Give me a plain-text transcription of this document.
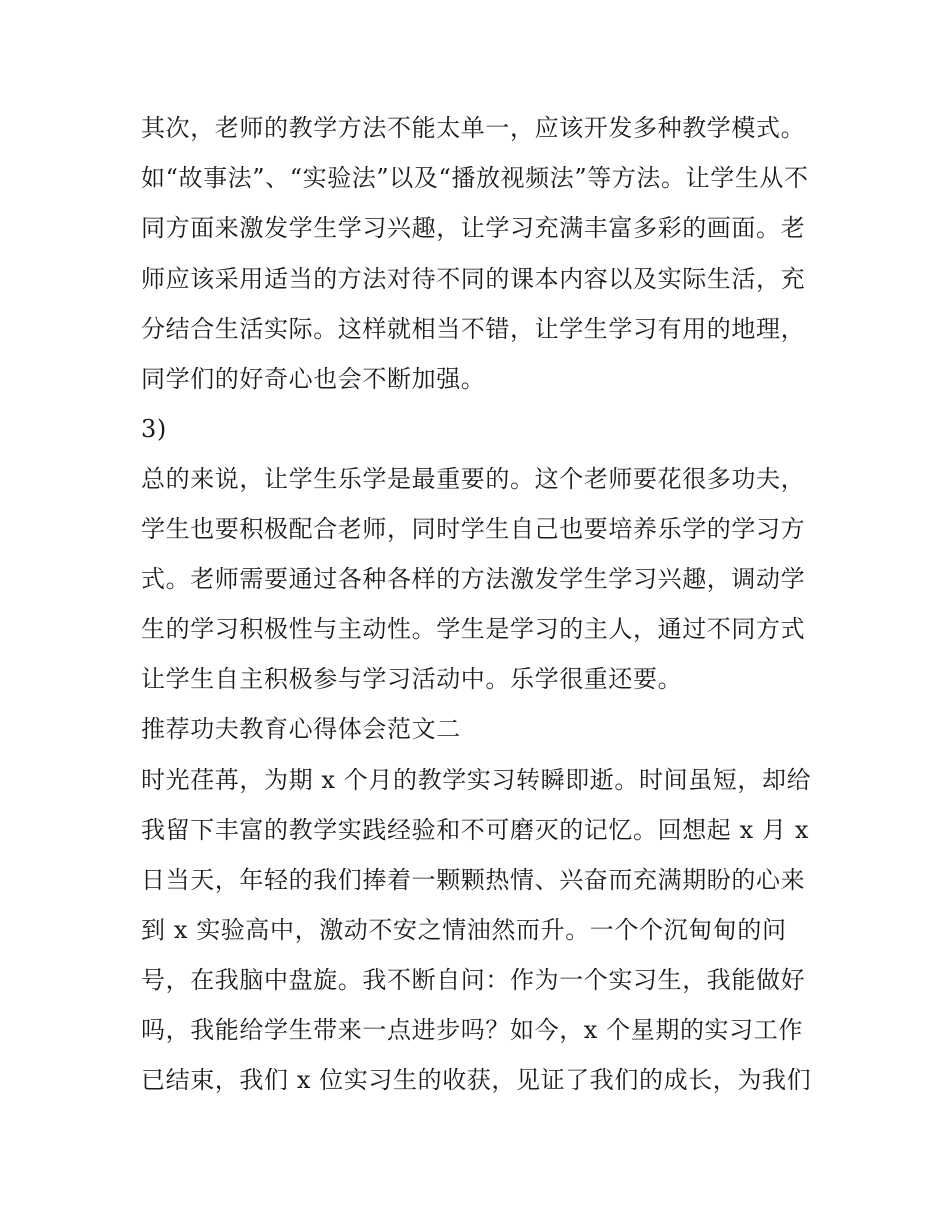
其次，老师的教学方法不能太单一，应该开发多种教学模式。
如“故事法”、“实验法”以及“播放视频法”等方法。让学生从不
同方面来激发学生学习兴趣，让学习充满丰富多彩的画面。老
师应该采用适当的方法对待不同的课本内容以及实际生活，充
分结合生活实际。这样就相当不错，让学生学习有用的地理，
同学们的好奇心也会不断加强。
3)
总的来说，让学生乐学是最重要的。这个老师要花很多功夫，
学生也要积极配合老师，同时学生自己也要培养乐学的学习方
式。老师需要通过各种各样的方法激发学生学习兴趣，调动学
生的学习积极性与主动性。学生是学习的主人，通过不同方式
让学生自主积极参与学习活动中。乐学很重还要。
推荐功夫教育心得体会范文二
时光荏苒，为期 x 个月的教学实习转瞬即逝。时间虽短，却给
我留下丰富的教学实践经验和不可磨灭的记忆。回想起 x 月 x
日当天，年轻的我们捧着一颗颗热情、兴奋而充满期盼的心来
到 x 实验高中，激动不安之情油然而升。一个个沉甸甸的问
号，在我脑中盘旋。我不断自问：作为一个实习生，我能做好
吗，我能给学生带来一点进步吗？如今，x 个星期的实习工作
已结束，我们 x 位实习生的收获，见证了我们的成长，为我们
